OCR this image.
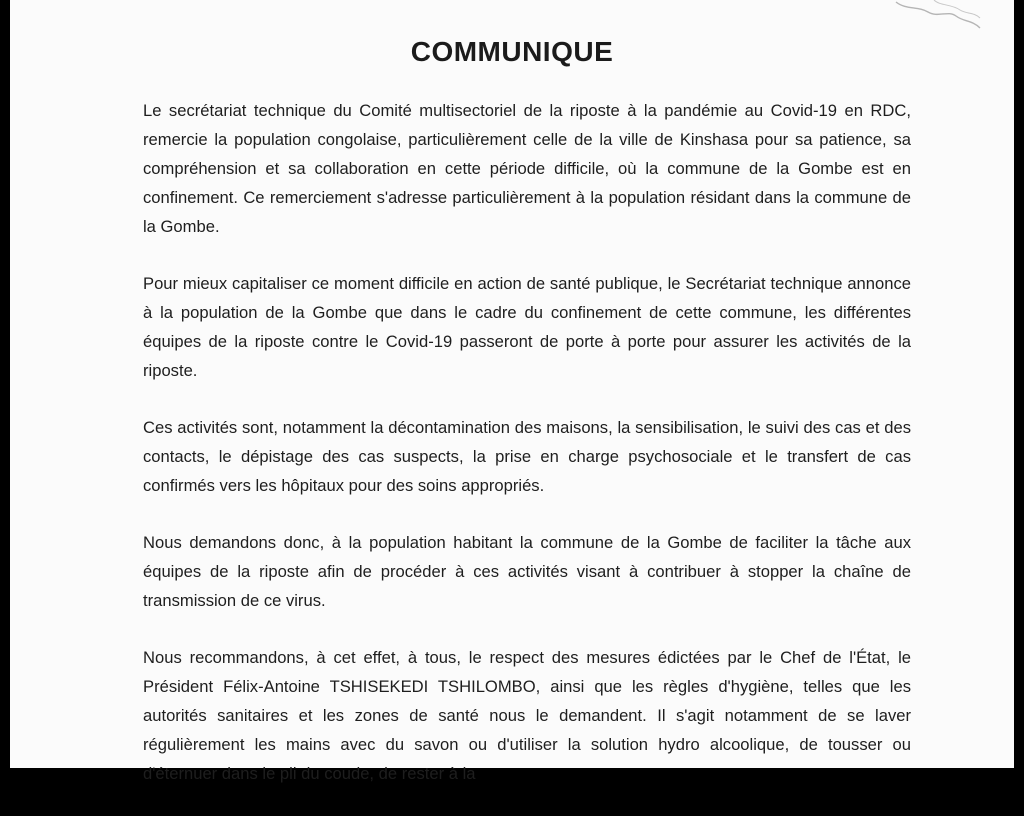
COMMUNIQUE

Le secrétariat technique du Comité multisectoriel de la riposte à la pandémie au Covid-19 en RDC, remercie la population congolaise, particulièrement celle de la ville de Kinshasa pour sa patience, sa compréhension et sa collaboration en cette période difficile, où la commune de la Gombe est en confinement. Ce remerciement s'adresse particulièrement à la population résidant dans la commune de la Gombe.

Pour mieux capitaliser ce moment difficile en action de santé publique, le Secrétariat technique annonce à la population de la Gombe que dans le cadre du confinement de cette commune, les différentes équipes de la riposte contre le Covid-19 passeront de porte à porte pour assurer les activités de la riposte.

Ces activités sont, notamment la décontamination des maisons, la sensibilisation, le suivi des cas et des contacts, le dépistage des cas suspects, la prise en charge psychosociale et le transfert de cas confirmés vers les hôpitaux pour des soins appropriés.

Nous demandons donc, à la population habitant la commune de la Gombe de faciliter la tâche aux équipes de la riposte afin de procéder à ces activités visant à contribuer à stopper la chaîne de transmission de ce virus.

Nous recommandons, à cet effet, à tous, le respect des mesures édictées par le Chef de l'État, le Président Félix-Antoine TSHISEKEDI TSHILOMBO, ainsi que les règles d'hygiène, telles que les autorités sanitaires et les zones de santé nous le demandent. Il s'agit notamment de se laver régulièrement les mains avec du savon ou d'utiliser la solution hydro alcoolique, de tousser ou d'éternuer dans le pli du coude, de rester à la
